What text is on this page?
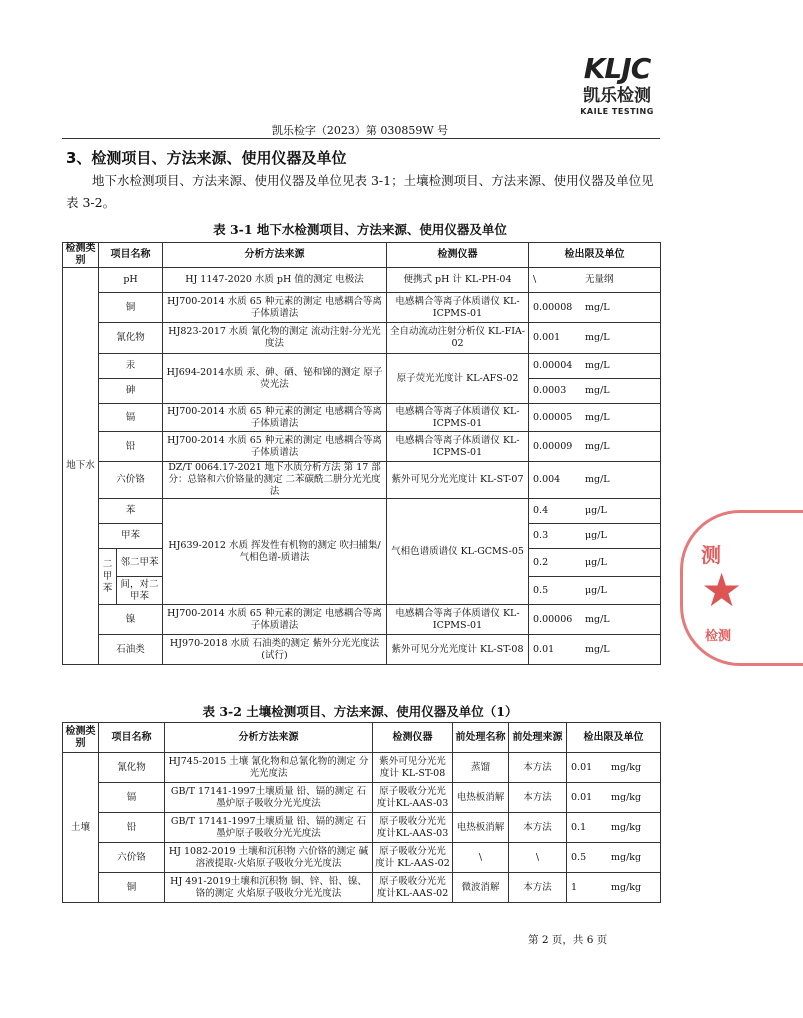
KLJC
凯乐检测
KAILE TESTING
凯乐检字（2023）第 030859W 号
3、检测项目、方法来源、使用仪器及单位
地下水检测项目、方法来源、使用仪器及单位见表 3-1；土壤检测项目、方法来源、使用仪器及单位见表 3-2。
表 3-1 地下水检测项目、方法来源、使用仪器及单位
检测类别	项目名称		分析方法来源	检测仪器	检出限及单位
地下水	pH		HJ 1147-2020 水质 pH 值的测定 电极法	便携式 pH 计 KL-PH-04	\ 无量纲
	铜		HJ700-2014 水质 65 种元素的测定 电感耦合等离子体质谱法	电感耦合等离子体质谱仪 KL-ICPMS-01	0.00008 mg/L
	氰化物		HJ823-2017 水质 氰化物的测定 流动注射-分光光度法	全自动流动注射分析仪 KL-FIA-02	0.001 mg/L
	汞		HJ694-2014水质 汞、砷、硒、铋和锑的测定 原子荧光法	原子荧光光度计 KL-AFS-02	0.00004 mg/L
	砷				0.0003 mg/L
	镉		HJ700-2014 水质 65 种元素的测定 电感耦合等离子体质谱法	电感耦合等离子体质谱仪 KL-ICPMS-01	0.00005 mg/L
	铅		HJ700-2014 水质 65 种元素的测定 电感耦合等离子体质谱法	电感耦合等离子体质谱仪 KL-ICPMS-01	0.00009 mg/L
	六价铬		DZ/T 0064.17-2021 地下水质分析方法 第 17 部分：总铬和六价铬量的测定 二苯碳酰二肼分光光度法	紫外可见分光光度计 KL-ST-07	0.004 mg/L
	苯		HJ639-2012 水质 挥发性有机物的测定 吹扫捕集/气相色谱-质谱法	气相色谱质谱仪 KL-GCMS-05	0.4 μg/L
	甲苯				0.3 μg/L
	二甲苯	邻二甲苯			0.2 μg/L
		间，对二甲苯			0.5 μg/L
	镍		HJ700-2014 水质 65 种元素的测定 电感耦合等离子体质谱法	电感耦合等离子体质谱仪 KL-ICPMS-01	0.00006 mg/L
	石油类		HJ970-2018 水质 石油类的测定 紫外分光光度法(试行)	紫外可见分光光度计 KL-ST-08	0.01 mg/L
表 3-2 土壤检测项目、方法来源、使用仪器及单位（1）
检测类别	项目名称	分析方法来源	检测仪器	前处理名称	前处理来源	检出限及单位
土壤	氰化物	HJ745-2015 土壤 氰化物和总氰化物的测定 分光光度法	紫外可见分光光度计 KL-ST-08	蒸馏	本方法	0.01 mg/kg
	镉	GB/T 17141-1997土壤质量 铅、镉的测定 石墨炉原子吸收分光光度法	原子吸收分光光度计KL-AAS-03	电热板消解	本方法	0.01 mg/kg
	铅	GB/T 17141-1997土壤质量 铅、镉的测定 石墨炉原子吸收分光光度法	原子吸收分光光度计KL-AAS-03	电热板消解	本方法	0.1 mg/kg
	六价铬	HJ 1082-2019 土壤和沉积物 六价铬的测定 碱溶液提取-火焰原子吸收分光光度法	原子吸收分光光度计 KL-AAS-02	\	\	0.5 mg/kg
	铜	HJ 491-2019土壤和沉积物 铜、锌、铅、镍、铬的测定 火焰原子吸收分光光度法	原子吸收分光光度计KL-AAS-02	微波消解	本方法	1 mg/kg
测
★
检测
第 2 页，共 6 页
